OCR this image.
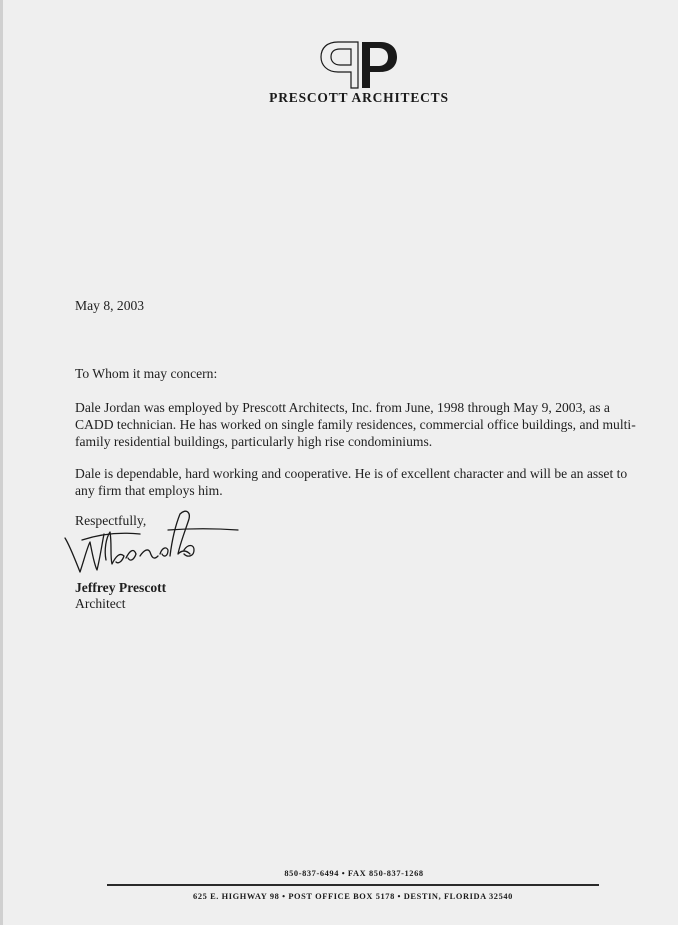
PRESCOTT ARCHITECTS
May 8, 2003
To Whom it may concern:
Dale Jordan was employed by Prescott Architects, Inc. from June, 1998 through May 9, 2003, as a CADD technician. He has worked on single family residences, commercial office buildings, and multi-family residential buildings, particularly high rise condominiums.
Dale is dependable, hard working and cooperative. He is of excellent character and will be an asset to any firm that employs him.
Respectfully,
Jeffrey Prescott
Architect
850-837-6494 • FAX 850-837-1268
625 E. HIGHWAY 98 • POST OFFICE BOX 5178 • DESTIN, FLORIDA 32540
